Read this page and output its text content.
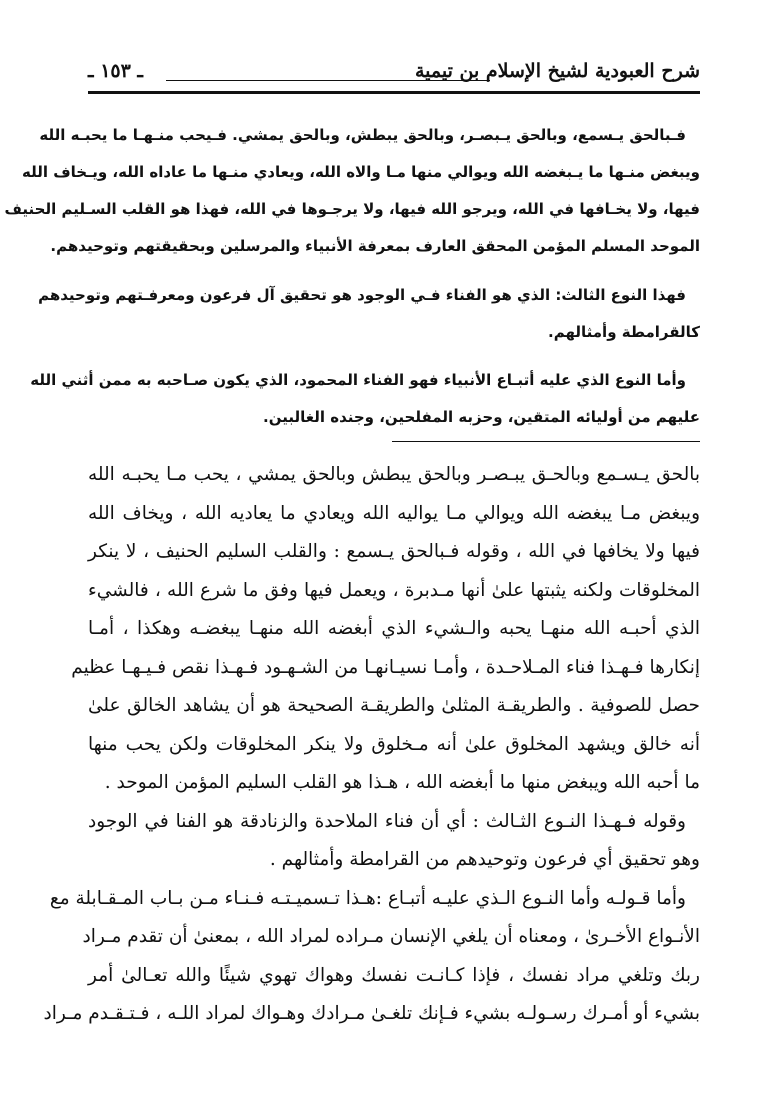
شرح العبودية لشيخ الإسلام بن تيمية
ـ ١٥٣ ـ
فـبالحق يـسمع، وبالحق يـبصـر، وبالحق يبطش، وبالحق يمشي. فـيحب منـهـا ما يحبـه الله
ويبغض منـها ما يـبغضه الله ويوالي منها مـا والاه الله، ويعادي منـها ما عاداه الله، ويـخاف الله
فيها، ولا يخـافها في الله، ويرجو الله فيها، ولا يرجـوها في الله، فهذا هو القلب السـليم الحنيف
الموحد المسلم المؤمن المحقق العارف بمعرفة الأنبياء والمرسلين وبحقيقتهم وتوحيدهم.
فهذا النوع الثالث: الذي هو الفناء فـي الوجود هو تحقيق آل فرعون ومعرفـتهم وتوحيدهم
كالقرامطة وأمثالهم.
وأما النوع الذي عليه أتبـاع الأنبياء فهو الفناء المحمود، الذي يكون صـاحبه به ممن أثني الله
عليهم من أوليائه المتقين، وحزبه المفلحين، وجنده الغالبين.
بالحق يـسـمع وبالحـق يبـصـر وبالحق يبطش وبالحق يمشي ، يحب مـا يحبـه الله
ويبغض مـا يبغضه الله ويوالي مـا يواليه الله ويعادي ما يعاديه الله ، ويخاف الله
فيها ولا يخافها في الله ، وقوله فـبالحق يـسمع : والقلب السليم الحنيف ، لا ينكر
المخلوقات ولكنه يثبتها علىٰ أنها مـدبرة ، ويعمل فيها وفق ما شرع الله ، فالشيء
الذي أحبـه الله منهـا يحبه والـشيء الذي أبغضه الله منهـا يبغضـه وهكذا ، أمـا
إنكارها فـهـذا فناء المـلاحـدة ، وأمـا نسيـانهـا من الشـهـود فـهـذا نقص فـيـهـا عظيم
حصل للصوفية . والطريقـة المثلىٰ والطريقـة الصحيحة هو أن يشاهد الخالق علىٰ
أنه خالق ويشهد المخلوق علىٰ أنه مـخلوق ولا ينكر المخلوقات ولكن يحب منها
ما أحبه الله ويبغض منها ما أبغضه الله ، هـذا هو القلب السليم المؤمن الموحد .
وقوله فـهـذا النـوع الثـالث : أي أن فناء الملاحدة والزنادقة هو الفنا في الوجود
وهو تحقيق أي فرعون وتوحيدهم من القرامطة وأمثالهم .
وأما قـولـه وأما النـوع الـذي عليـه أتبـاع :هـذا تـسميـتـه فـنـاء مـن بـاب المـقـابلة مع
الأنـواع الأخـرىٰ ، ومعناه أن يلغي الإنسان مـراده لمراد الله ، بمعنىٰ أن تقدم مـراد
ربك وتلغي مراد نفسك ، فإذا كـانـت نفسك وهواك تهوي شيئًا والله تعـالىٰ أمر
بشيء أو أمـرك رسـولـه بشيء فـإنك تلغـىٰ مـرادك وهـواك لمراد اللـه ، فـتـقـدم مـراد
